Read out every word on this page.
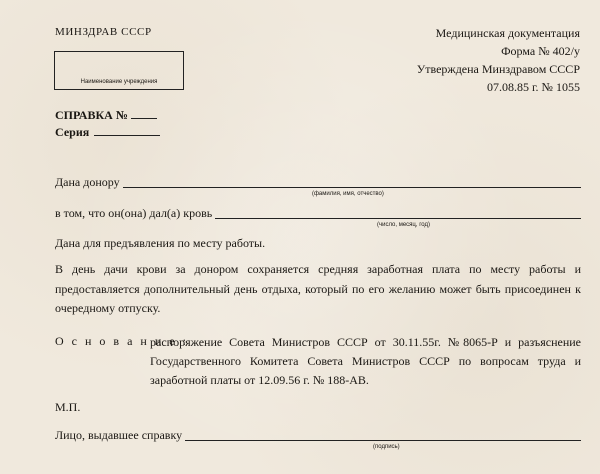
МИНЗДРАВ СССР	Медицинская документация
Форма № 402/у
Утверждена Минздравом СССР
07.08.85 г. № 1055
Наименование учреждения
СПРАВКА №
Серия
Дана донору
(фамилия, имя, отчество)
в том, что он(она) дал(а) кровь
(число, месяц, год)
Дана для предъявления по месту работы.
В день дачи крови за донором сохраняется средняя заработная плата по месту работы и предоставляется дополнительный день отдыха, который по его желанию может быть присоединен к очередному отпуску.
О с н о в а н и е :
распоряжение Совета Министров СССР от 30.11.55г. №8065-Р и разъяснение Государственного Комитета Совета Министров СССР по вопросам труда и заработной платы от 12.09.56 г. № 188-АВ.
М.П.
Лицо, выдавшее справку
(подпись)
